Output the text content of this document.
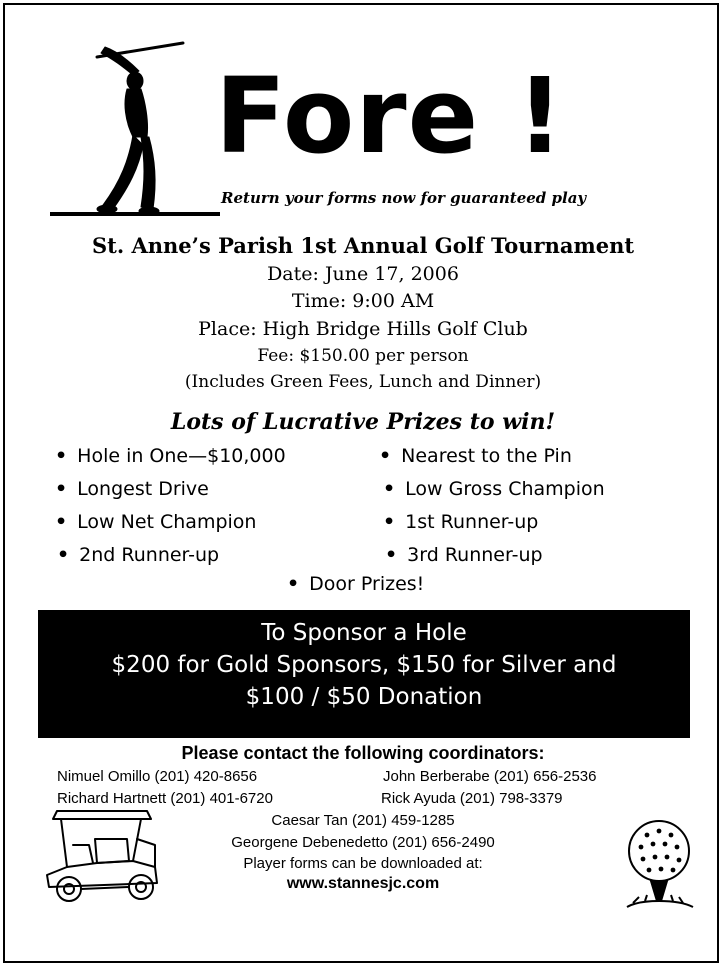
Fore !
Return your forms now for guaranteed play
St. Anne’s Parish 1st Annual Golf Tournament
Date: June 17, 2006
Time: 9:00 AM
Place: High Bridge Hills Golf Club
Fee: $150.00 per person
(Includes Green Fees, Lunch and Dinner)
Lots of Lucrative Prizes to win!
• Hole in One—$10,000	• Nearest to the Pin
• Longest Drive	• Low Gross Champion
• Low Net Champion	• 1st Runner-up
• 2nd Runner-up	• 3rd Runner-up
• Door Prizes!
To Sponsor a Hole
$200 for Gold Sponsors, $150 for Silver and
$100 / $50 Donation
Please contact the following coordinators:
Nimuel Omillo (201) 420-8656	John Berberabe (201) 656-2536
Richard Hartnett (201) 401-6720	Rick Ayuda (201) 798-3379
Caesar Tan (201) 459-1285
Georgene Debenedetto (201) 656-2490
Player forms can be downloaded at:
www.stannesjc.com
